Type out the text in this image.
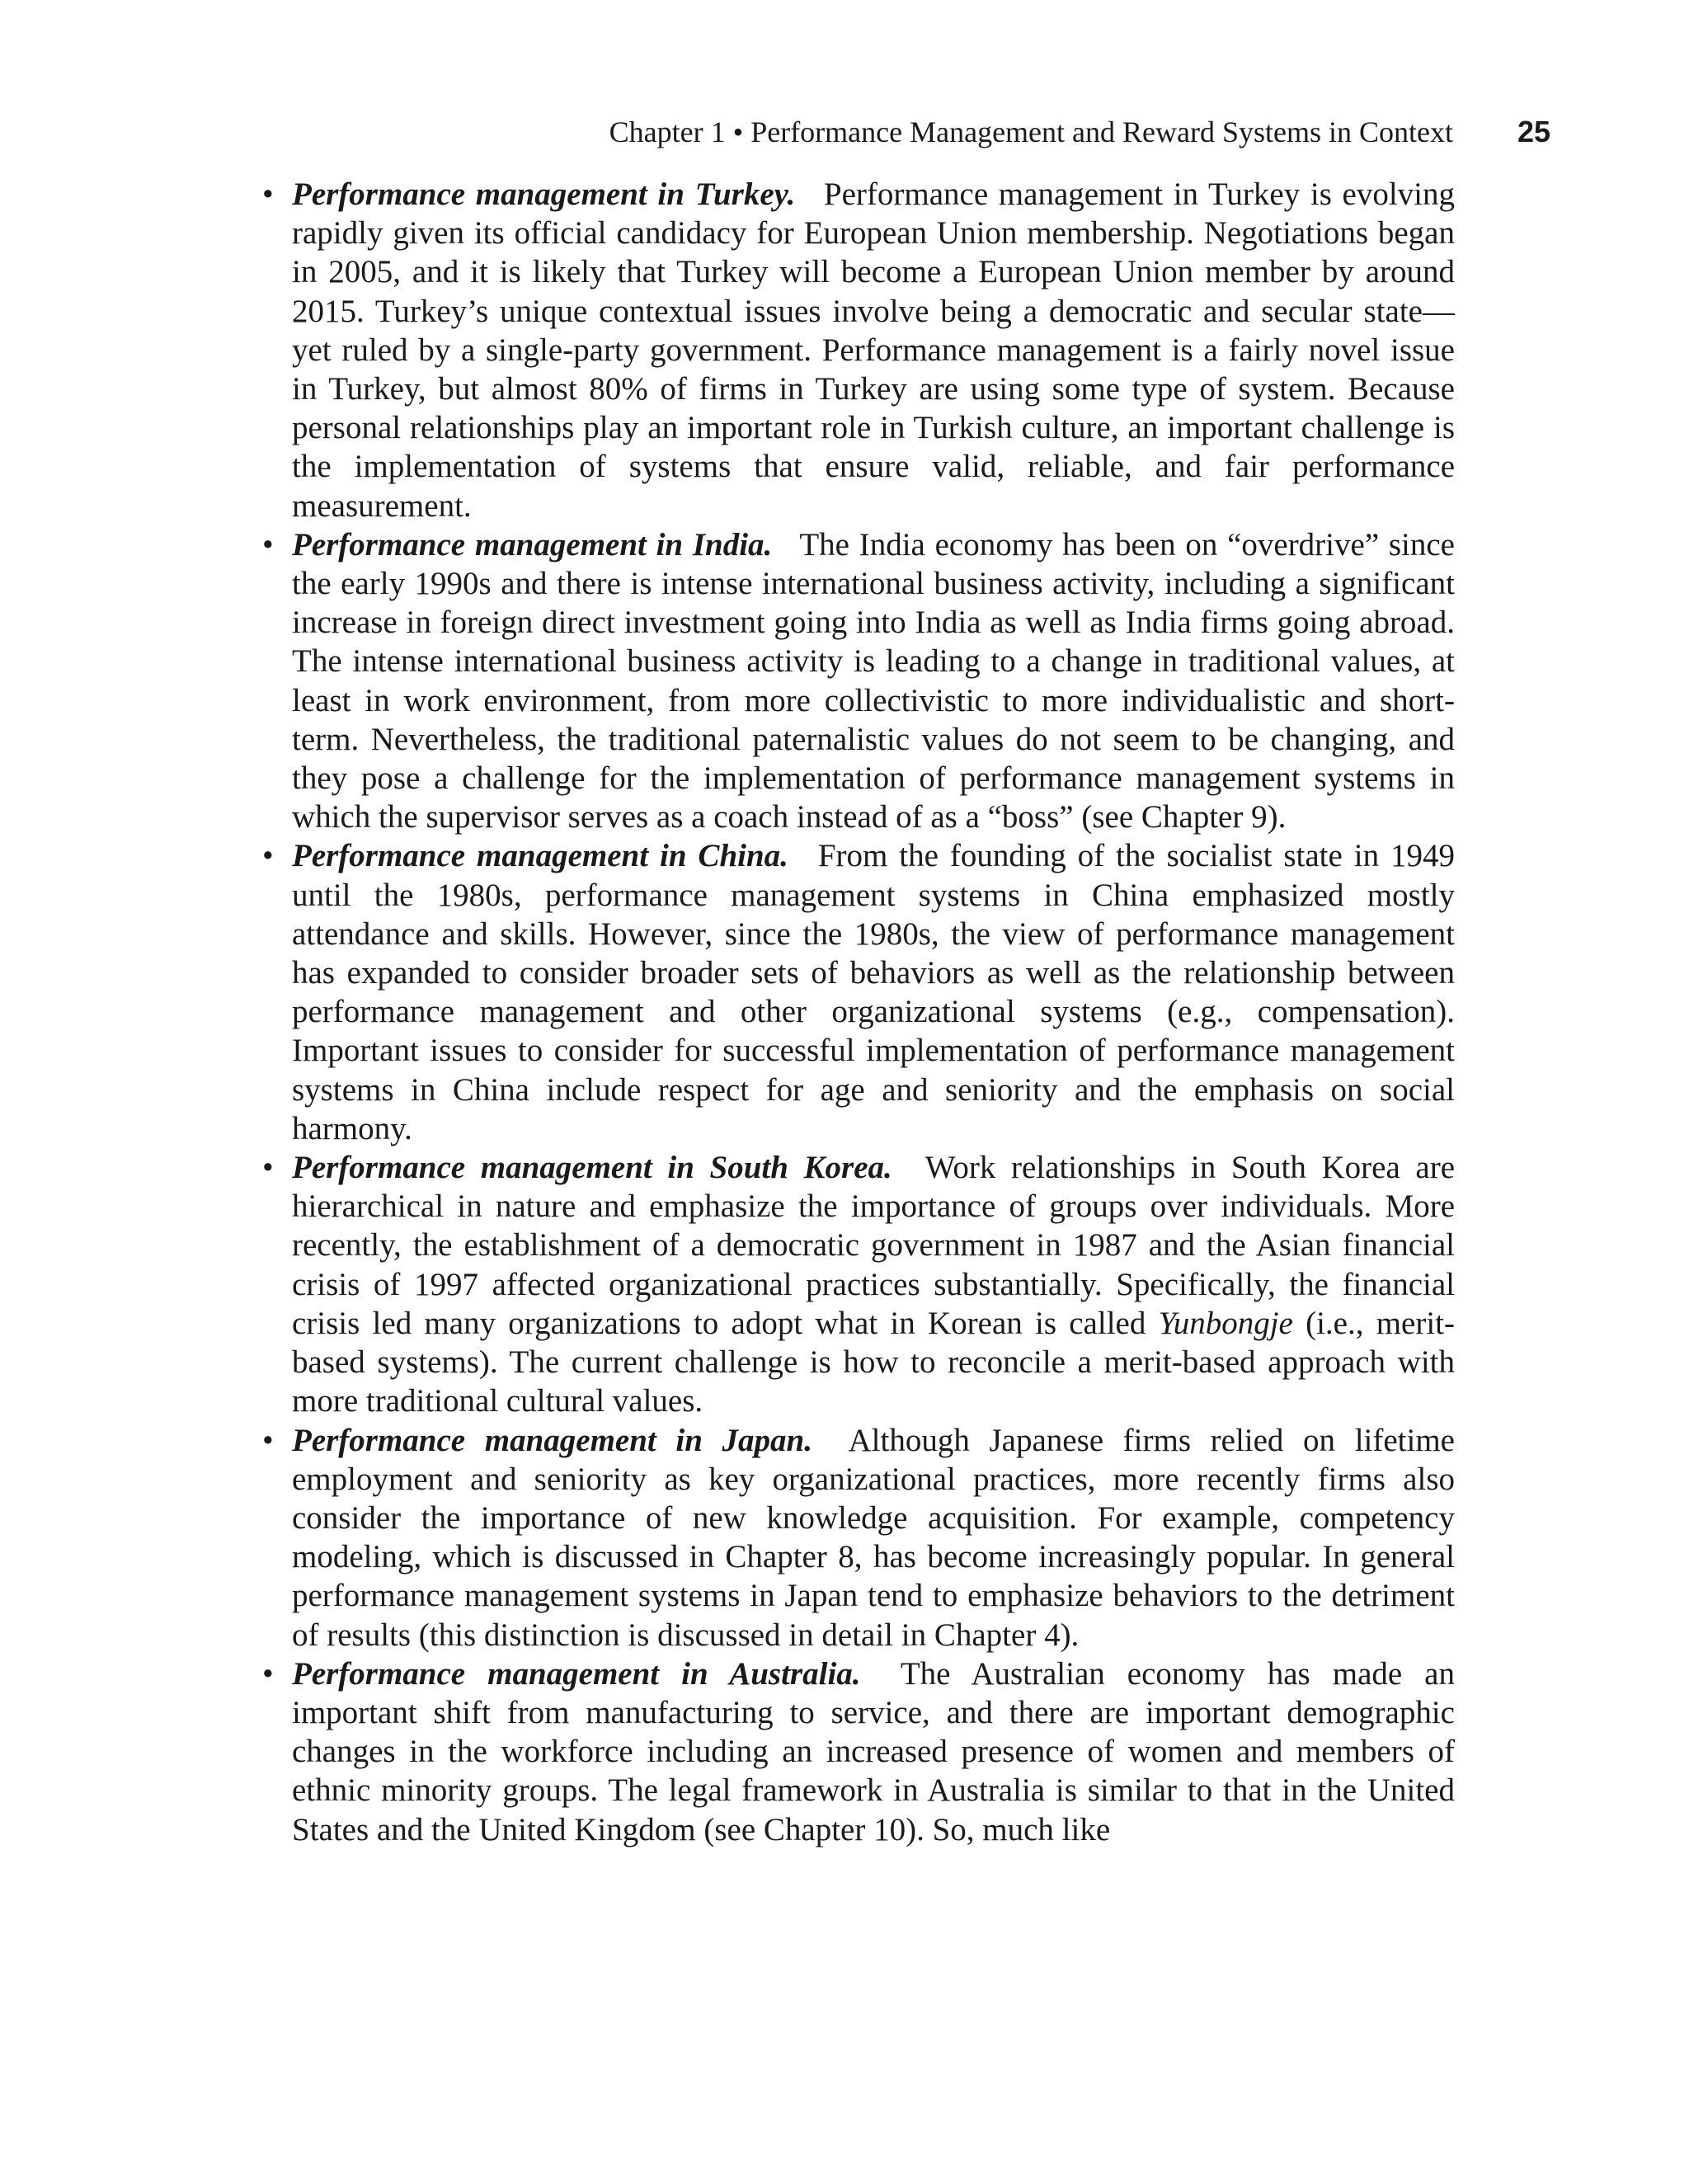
Chapter 1 • Performance Management and Reward Systems in Context 25
• Performance management in Turkey. Performance management in Turkey is evolving rapidly given its official candidacy for European Union membership. Negotiations began in 2005, and it is likely that Turkey will become a European Union member by around 2015. Turkey’s unique contextual issues involve being a democratic and secular state—yet ruled by a single-party government. Performance management is a fairly novel issue in Turkey, but almost 80% of firms in Turkey are using some type of system. Because personal relationships play an important role in Turkish culture, an important challenge is the implementation of systems that ensure valid, reliable, and fair performance measurement.
• Performance management in India. The India economy has been on “overdrive” since the early 1990s and there is intense international business activity, including a significant increase in foreign direct investment going into India as well as India firms going abroad. The intense international business activity is leading to a change in traditional values, at least in work environment, from more collectivistic to more individualistic and short-term. Nevertheless, the traditional paternalistic values do not seem to be changing, and they pose a challenge for the implementation of performance management systems in which the supervisor serves as a coach instead of as a “boss” (see Chapter 9).
• Performance management in China. From the founding of the socialist state in 1949 until the 1980s, performance management systems in China emphasized mostly attendance and skills. However, since the 1980s, the view of performance management has expanded to consider broader sets of behaviors as well as the relationship between performance management and other organizational systems (e.g., compensation). Important issues to consider for successful implementation of performance management systems in China include respect for age and seniority and the emphasis on social harmony.
• Performance management in South Korea. Work relationships in South Korea are hierarchical in nature and emphasize the importance of groups over individuals. More recently, the establishment of a democratic government in 1987 and the Asian financial crisis of 1997 affected organizational practices substantially. Specifically, the financial crisis led many organizations to adopt what in Korean is called Yunbongje (i.e., merit-based systems). The current challenge is how to reconcile a merit-based approach with more traditional cultural values.
• Performance management in Japan. Although Japanese firms relied on lifetime employment and seniority as key organizational practices, more recently firms also consider the importance of new knowledge acquisition. For example, competency modeling, which is discussed in Chapter 8, has become increasingly popular. In general performance management systems in Japan tend to emphasize behaviors to the detriment of results (this distinction is discussed in detail in Chapter 4).
• Performance management in Australia. The Australian economy has made an important shift from manufacturing to service, and there are important demographic changes in the workforce including an increased presence of women and members of ethnic minority groups. The legal framework in Australia is similar to that in the United States and the United Kingdom (see Chapter 10). So, much like
